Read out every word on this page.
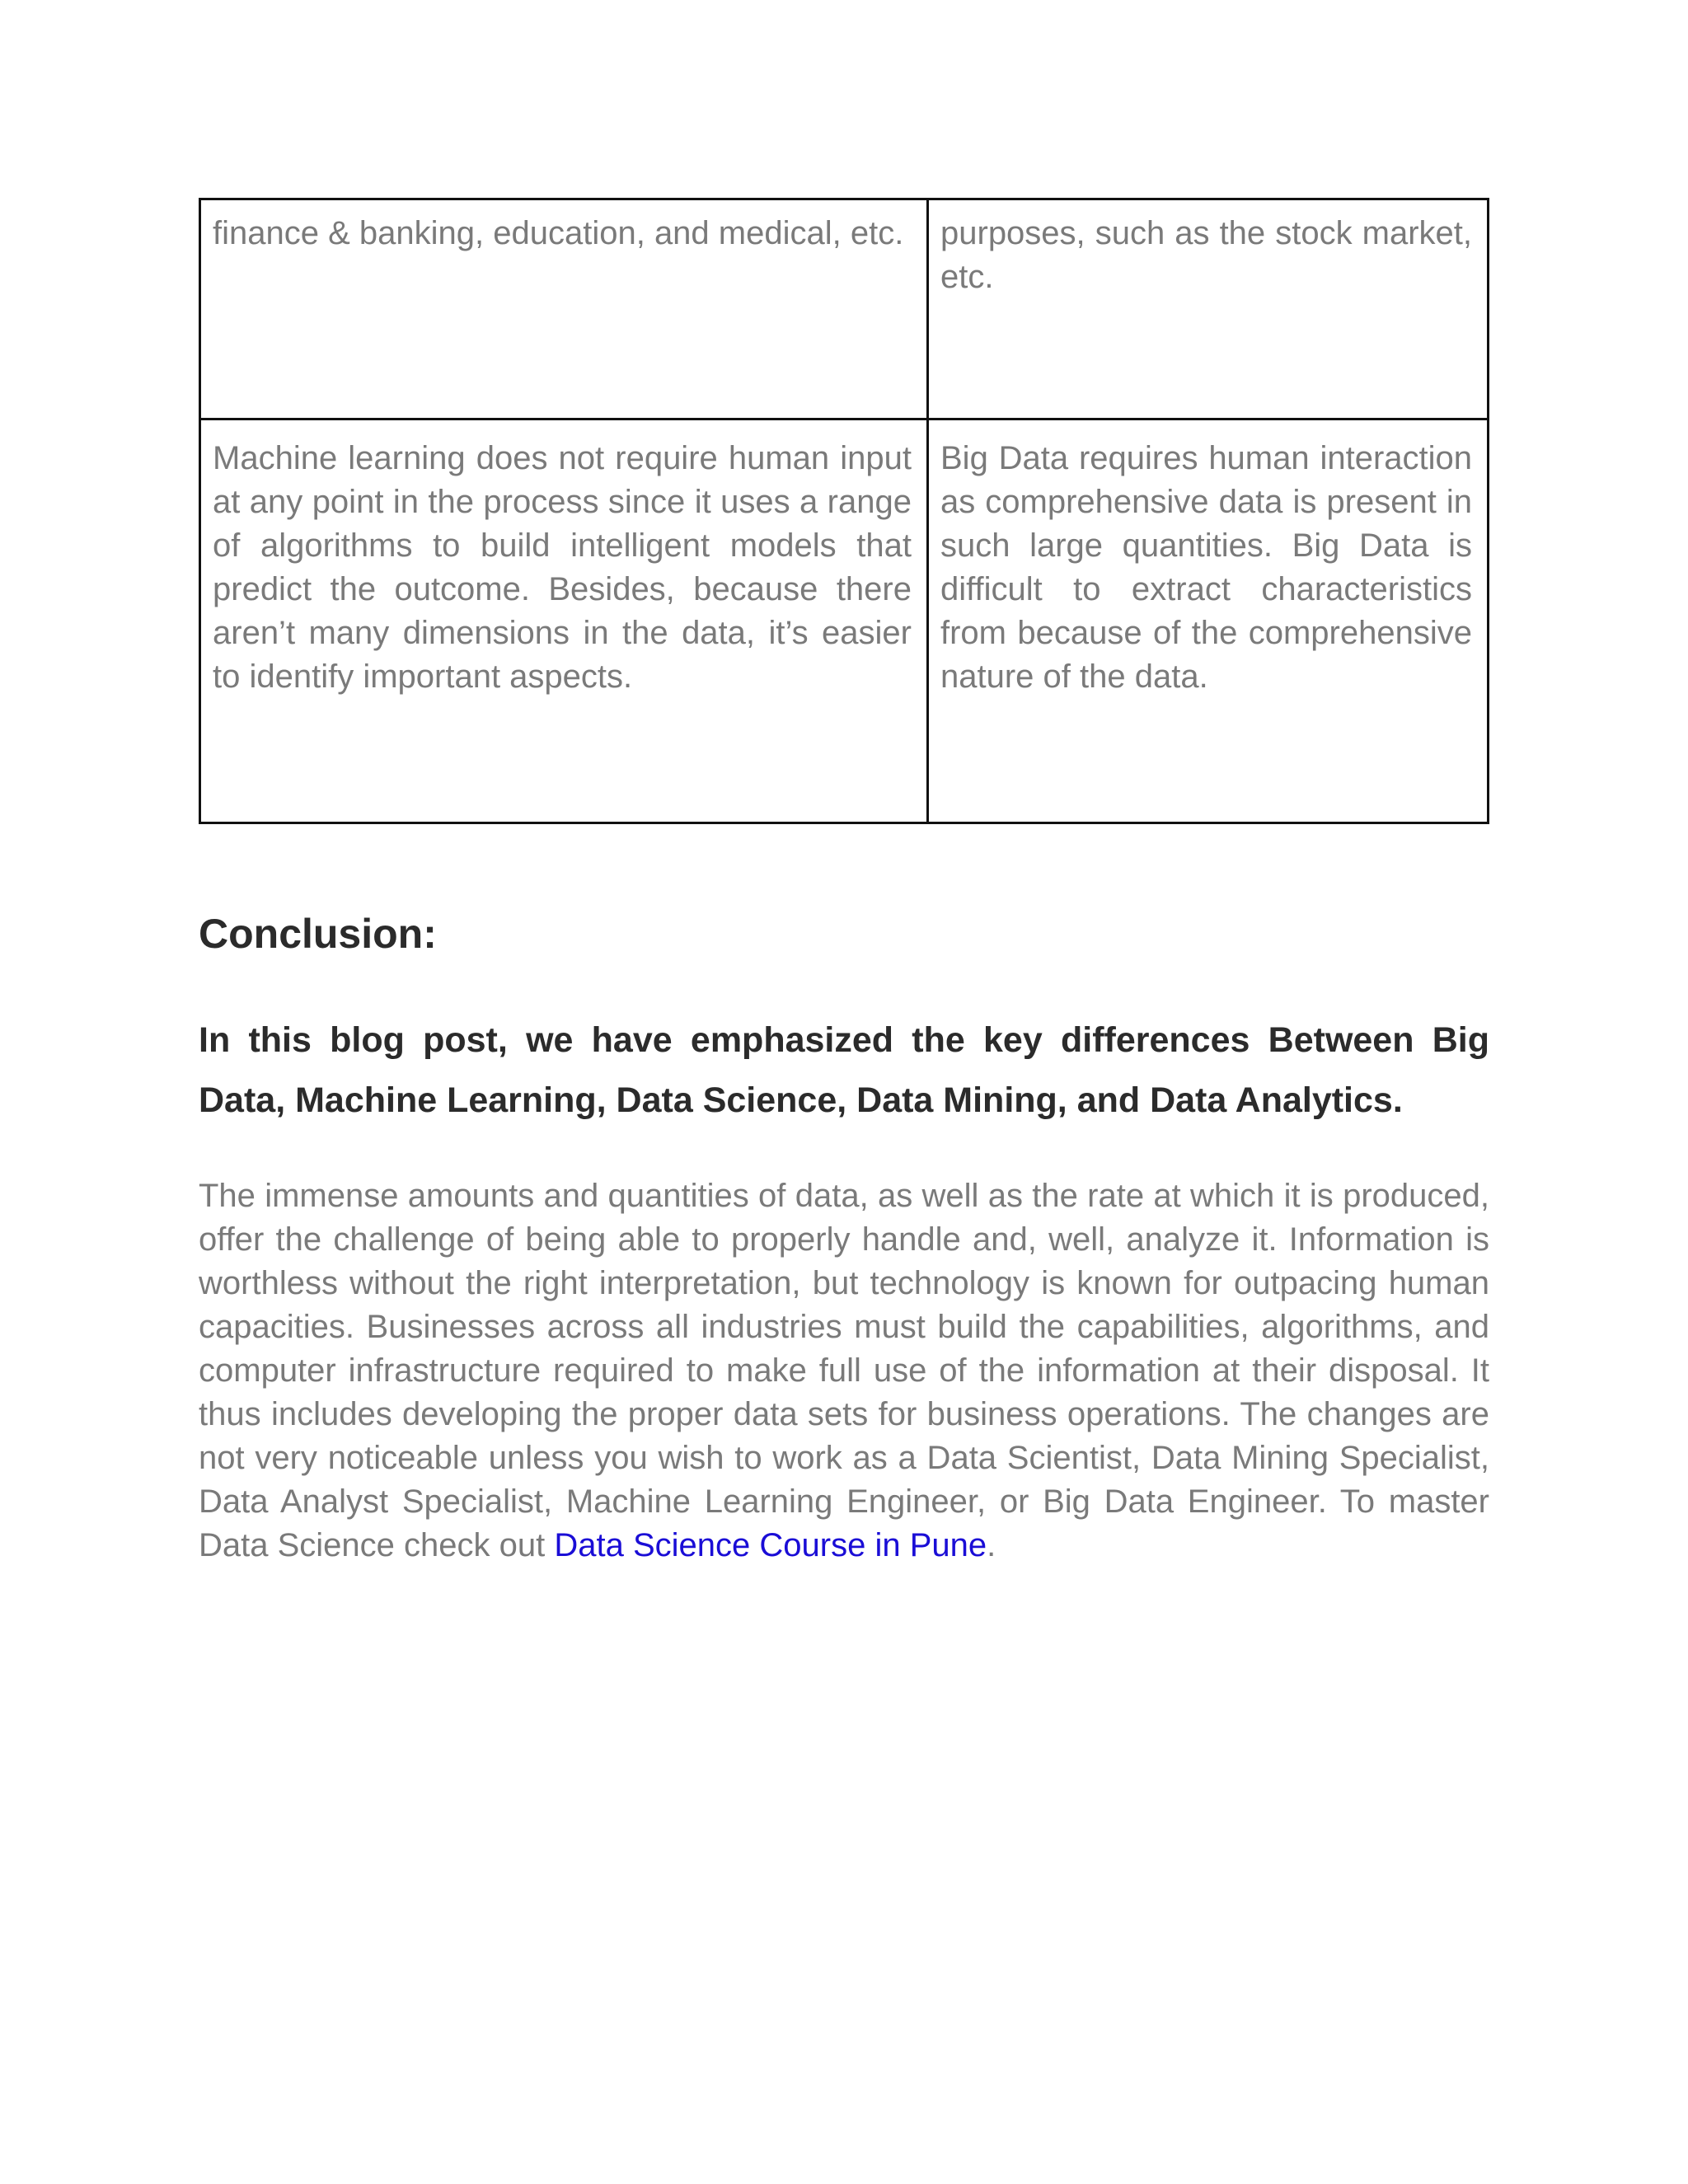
finance & banking, education, and medical, etc.	purposes, such as the stock market, etc.
Machine learning does not require human input at any point in the process since it uses a range of algorithms to build intelligent models that predict the outcome. Besides, because there aren’t many dimensions in the data, it’s easier to identify important aspects.	Big Data requires human interaction as comprehensive data is present in such large quantities. Big Data is difficult to extract characteristics from because of the comprehensive nature of the data.
Conclusion:
In this blog post, we have emphasized the key differences Between Big Data, Machine Learning, Data Science, Data Mining, and Data Analytics.

The immense amounts and quantities of data, as well as the rate at which it is produced, offer the challenge of being able to properly handle and, well, analyze it. Information is worthless without the right interpretation, but technology is known for outpacing human capacities. Businesses across all industries must build the capabilities, algorithms, and computer infrastructure required to make full use of the information at their disposal. It thus includes developing the proper data sets for business operations. The changes are not very noticeable unless you wish to work as a Data Scientist, Data Mining Specialist, Data Analyst Specialist, Machine Learning Engineer, or Big Data Engineer. To master Data Science check out Data Science Course in Pune.
